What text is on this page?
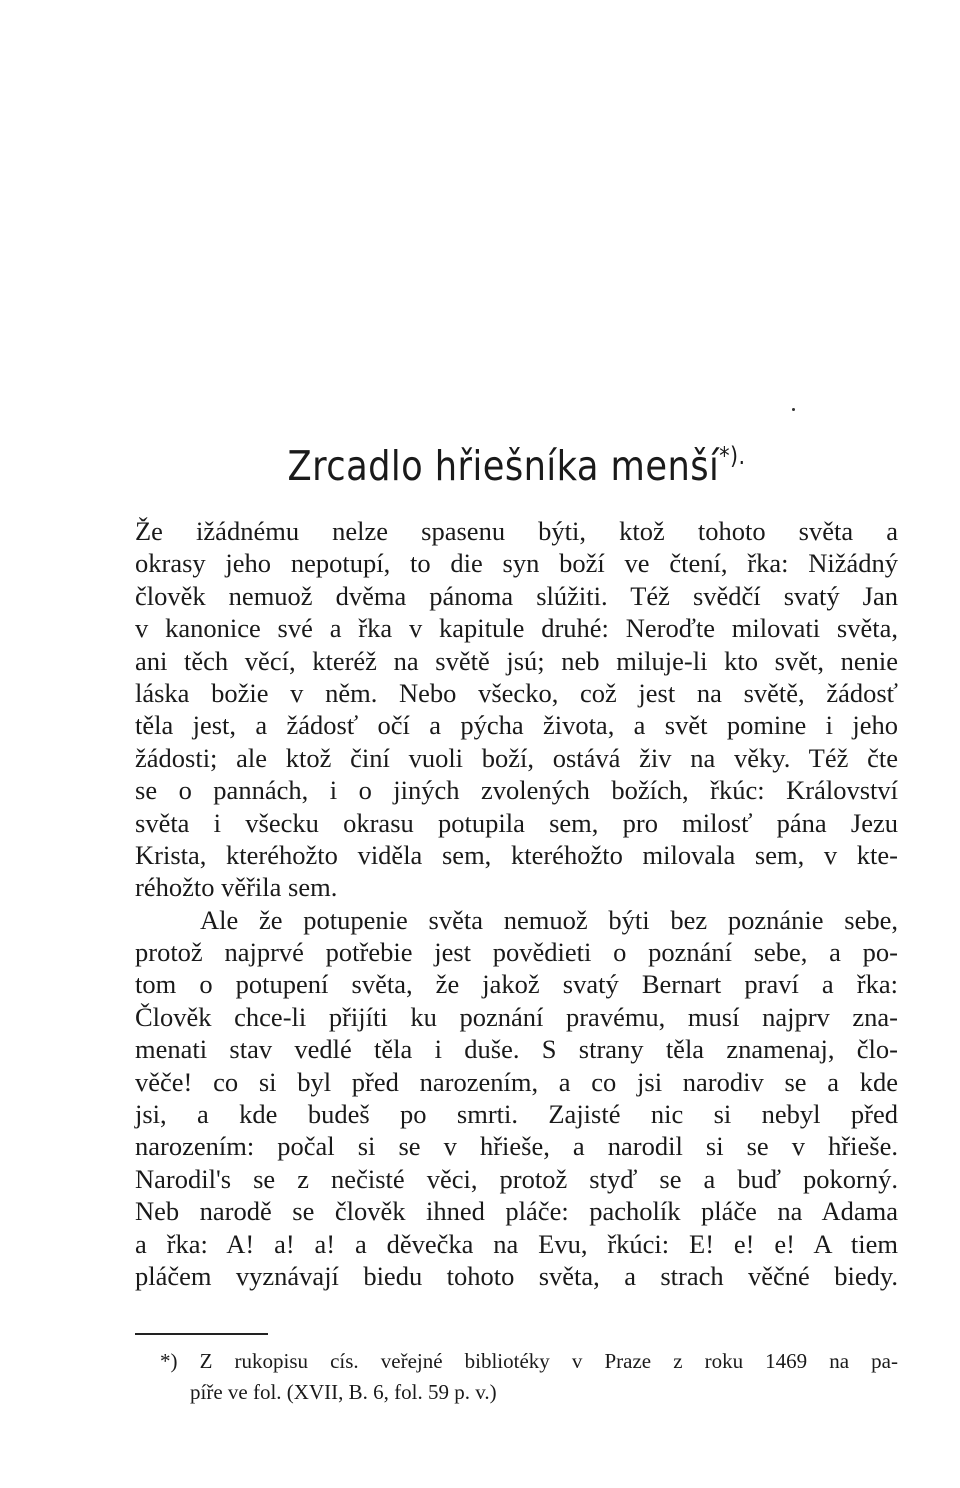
Zrcadlo hřiešníka menší*).
Že ižádnému nelze spasenu býti, ktož tohoto světa a
okrasy jeho nepotupí, to die syn boží ve čtení, řka: Nižádný
člověk nemuož dvěma pánoma slúžiti. Též svědčí svatý Jan
v kanonice své a řka v kapitule druhé: Neroďte milovati světa,
ani těch věcí, kteréž na světě jsú; neb miluje-li kto svět, nenie
láska božie v něm. Nebo všecko, což jest na světě, žádosť
těla jest, a žádosť očí a pýcha života, a svět pomine i jeho
žádosti; ale ktož činí vuoli boží, ostává živ na věky. Též čte
se o pannách, i o jiných zvolených božích, řkúc: Království
světa i všecku okrasu potupila sem, pro milosť pána Jezu
Krista, kteréhožto viděla sem, kteréhožto milovala sem, v kte-
réhožto věřila sem.
Ale že potupenie světa nemuož býti bez poznánie sebe,
protož najprvé potřebie jest povědieti o poznání sebe, a po-
tom o potupení světa, že jakož svatý Bernart praví a řka:
Člověk chce-li přijíti ku poznání pravému, musí najprv zna-
menati stav vedlé těla i duše. S strany těla znamenaj, člo-
věče! co si byl před narozením, a co jsi narodiv se a kde
jsi, a kde budeš po smrti. Zajisté nic si nebyl před
narozením: počal si se v hřieše, a narodil si se v hřieše.
Narodil's se z nečisté věci, protož styď se a buď pokorný.
Neb narodě se člověk ihned pláče: pacholík pláče na Adama
a řka: A! a! a! a děvečka na Evu, řkúci: E! e! e! A tiem
pláčem vyznávají biedu tohoto světa, a strach věčné biedy.
*) Z rukopisu cís. veřejné bibliotéky v Praze z roku 1469 na pa-
píře ve fol. (XVII, B. 6, fol. 59 p. v.)
